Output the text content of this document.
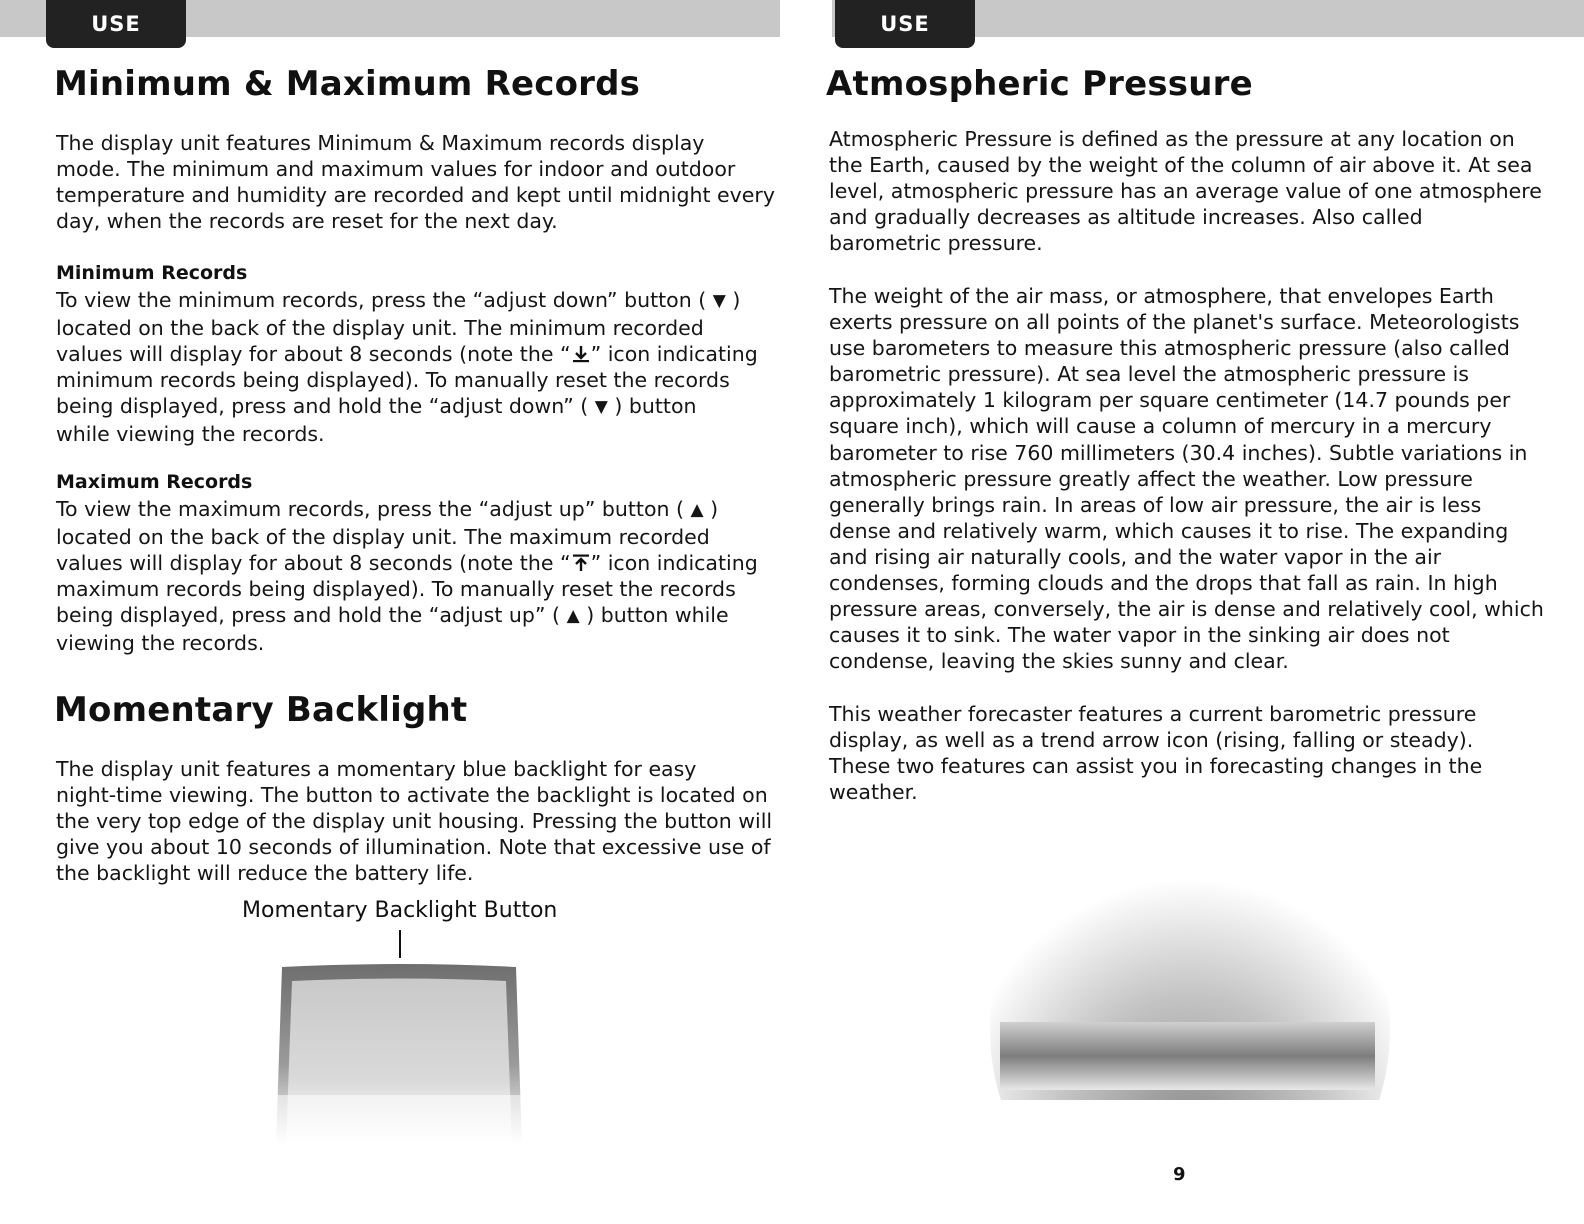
USE	USE
Minimum & Maximum Records
The display unit features Minimum & Maximum records display
mode. The minimum and maximum values for indoor and outdoor
temperature and humidity are recorded and kept until midnight every
day, when the records are reset for the next day.
Minimum Records
To view the minimum records, press the “adjust down” button ( ▼ )
located on the back of the display unit. The minimum recorded
values will display for about 8 seconds (note the “ ” icon indicating
minimum records being displayed). To manually reset the records
being displayed, press and hold the “adjust down” ( ▼ ) button
while viewing the records.
Maximum Records
To view the maximum records, press the “adjust up” button ( ▲ )
located on the back of the display unit. The maximum recorded
values will display for about 8 seconds (note the “ ” icon indicating
maximum records being displayed). To manually reset the records
being displayed, press and hold the “adjust up” ( ▲ ) button while
viewing the records.
Momentary Backlight
The display unit features a momentary blue backlight for easy
night-time viewing. The button to activate the backlight is located on
the very top edge of the display unit housing. Pressing the button will
give you about 10 seconds of illumination. Note that excessive use of
the backlight will reduce the battery life.
Momentary Backlight Button
Atmospheric Pressure
Atmospheric Pressure is defined as the pressure at any location on
the Earth, caused by the weight of the column of air above it. At sea
level, atmospheric pressure has an average value of one atmosphere
and gradually decreases as altitude increases. Also called
barometric pressure.
The weight of the air mass, or atmosphere, that envelopes Earth
exerts pressure on all points of the planet's surface. Meteorologists
use barometers to measure this atmospheric pressure (also called
barometric pressure). At sea level the atmospheric pressure is
approximately 1 kilogram per square centimeter (14.7 pounds per
square inch), which will cause a column of mercury in a mercury
barometer to rise 760 millimeters (30.4 inches). Subtle variations in
atmospheric pressure greatly affect the weather. Low pressure
generally brings rain. In areas of low air pressure, the air is less
dense and relatively warm, which causes it to rise. The expanding
and rising air naturally cools, and the water vapor in the air
condenses, forming clouds and the drops that fall as rain. In high
pressure areas, conversely, the air is dense and relatively cool, which
causes it to sink. The water vapor in the sinking air does not
condense, leaving the skies sunny and clear.
This weather forecaster features a current barometric pressure
display, as well as a trend arrow icon (rising, falling or steady).
These two features can assist you in forecasting changes in the
weather.
9
